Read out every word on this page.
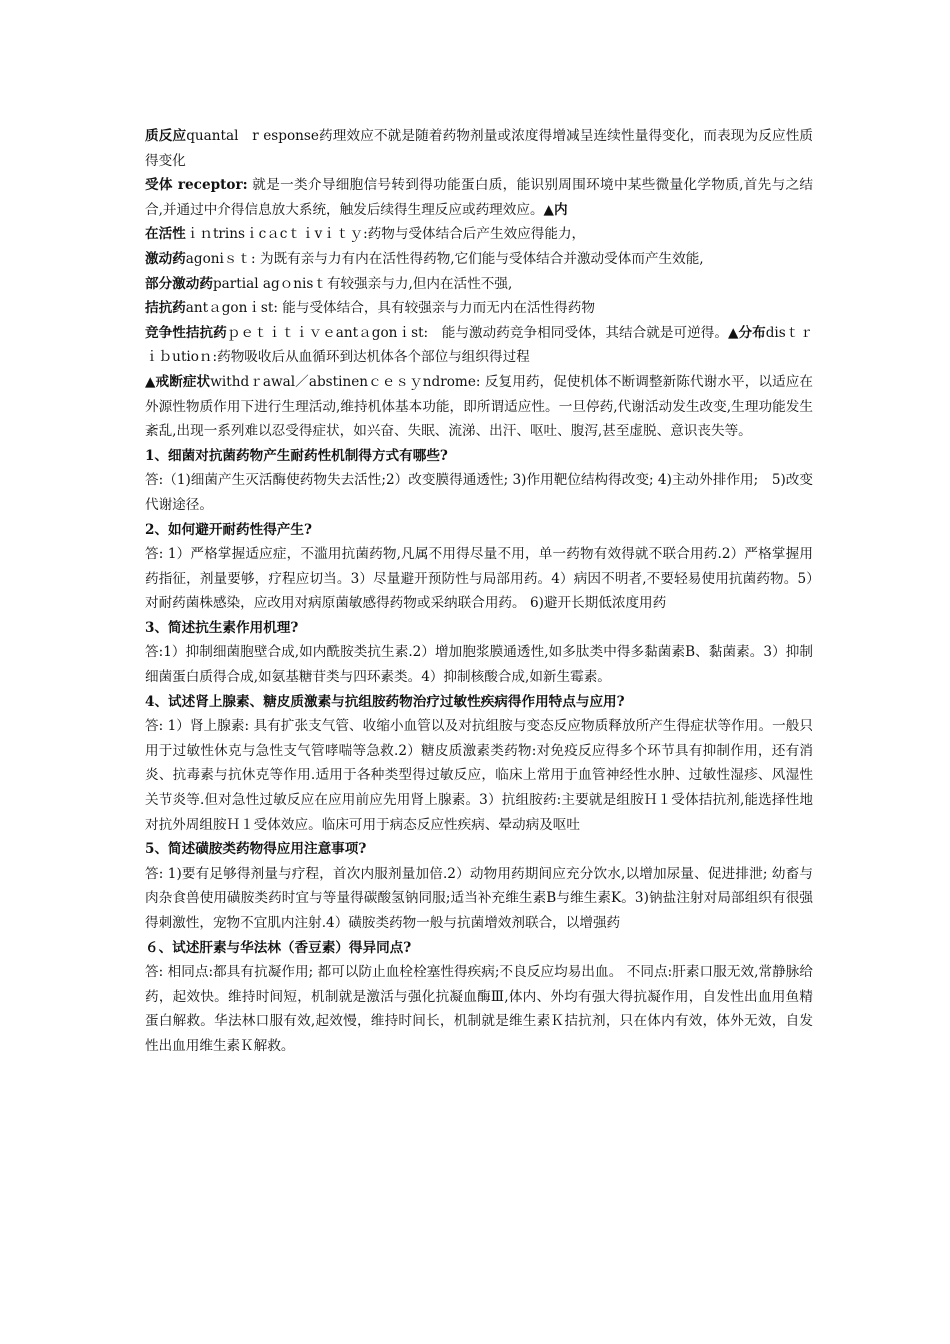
质反应quantal　r esponse药理效应不就是随着药物剂量或浓度得增减呈连续性量得变化，而表现为反应性质得变化

受体 receptor: 就是一类介导细胞信号转到得功能蛋白质，能识别周围环境中某些微量化学物质,首先与之结合,并通过中介得信息放大系统，触发后续得生理反应或药理效应。▲内

在活性ｉｎtrinsｉcａcｔｉvｉｔｙ:药物与受体结合后产生效应得能力，

激动药agoniｓｔ: 为既有亲与力有内在活性得药物,它们能与受体结合并激动受体而产生效能,

部分激动药partial agｏnisｔ有较强亲与力,但内在活性不强,

拮抗药antａgonｉst: 能与受体结合，具有较强亲与力而无内在活性得药物

竞争性拮抗药ｐｅｔｉｔｉｖｅantａgonｉst:　能与激动药竞争相同受体，其结合就是可逆得。▲分布disｔｒｉｂutioｎ:药物吸收后从血循环到达机体各个部位与组织得过程

▲戒断症状withdｒawal／abstinenｃｅｓｙndrome: 反复用药，促使机体不断调整新陈代谢水平，以适应在外源性物质作用下进行生理活动,维持机体基本功能，即所谓适应性。一旦停药,代谢活动发生改变,生理功能发生紊乱,出现一系列难以忍受得症状，如兴奋、失眠、流涕、出汗、呕吐、腹泻,甚至虚脱、意识丧失等。

1、细菌对抗菌药物产生耐药性机制得方式有哪些?

答:（1)细菌产生灭活酶使药物失去活性;2）改变膜得通透性; 3)作用靶位结构得改变; 4)主动外排作用;　5)改变代谢途径。

2、如何避开耐药性得产生?

答: 1）严格掌握适应症，不滥用抗菌药物,凡属不用得尽量不用，单一药物有效得就不联合用药.2）严格掌握用药指征，剂量要够，疗程应切当。3）尽量避开预防性与局部用药。4）病因不明者,不要轻易使用抗菌药物。5）对耐药菌株感染，应改用对病原菌敏感得药物或采纳联合用药。 6)避开长期低浓度用药

3、简述抗生素作用机理?

答:1）抑制细菌胞壁合成,如内酰胺类抗生素.2）增加胞浆膜通透性,如多肽类中得多黏菌素B、黏菌素。3）抑制细菌蛋白质得合成,如氨基糖苷类与四环素类。4）抑制核酸合成,如新生霉素。

4、试述肾上腺素、糖皮质激素与抗组胺药物治疗过敏性疾病得作用特点与应用?

答: 1）肾上腺素: 具有扩张支气管、收缩小血管以及对抗组胺与变态反应物质释放所产生得症状等作用。一般只用于过敏性休克与急性支气管哮喘等急救.2）糖皮质激素类药物:对免疫反应得多个环节具有抑制作用，还有消炎、抗毒素与抗休克等作用.适用于各种类型得过敏反应，临床上常用于血管神经性水肿、过敏性湿疹、风湿性关节炎等.但对急性过敏反应在应用前应先用肾上腺素。3）抗组胺药:主要就是组胺Ｈ１受体拮抗剂,能选择性地对抗外周组胺Ｈ１受体效应。临床可用于病态反应性疾病、晕动病及呕吐

5、简述磺胺类药物得应用注意事项?

答: 1)要有足够得剂量与疗程，首次内服剂量加倍.2）动物用药期间应充分饮水,以增加尿量、促进排泄; 幼畜与肉杂食兽使用磺胺类药时宜与等量得碳酸氢钠同服;适当补充维生素B与维生素K。3)钠盐注射对局部组织有很强得刺激性，宠物不宜肌内注射.4）磺胺类药物一般与抗菌增效剂联合，以增强药

６、试述肝素与华法林（香豆素）得异同点?

答: 相同点:都具有抗凝作用; 都可以防止血栓栓塞性得疾病;不良反应均易出血。 不同点:肝素口服无效,常静脉给药，起效快。维持时间短，机制就是激活与强化抗凝血酶Ⅲ,体内、外均有强大得抗凝作用，自发性出血用鱼精蛋白解救。华法林口服有效,起效慢，维持时间长，机制就是维生素Ｋ拮抗剂，只在体内有效，体外无效，自发性出血用维生素Ｋ解救。
